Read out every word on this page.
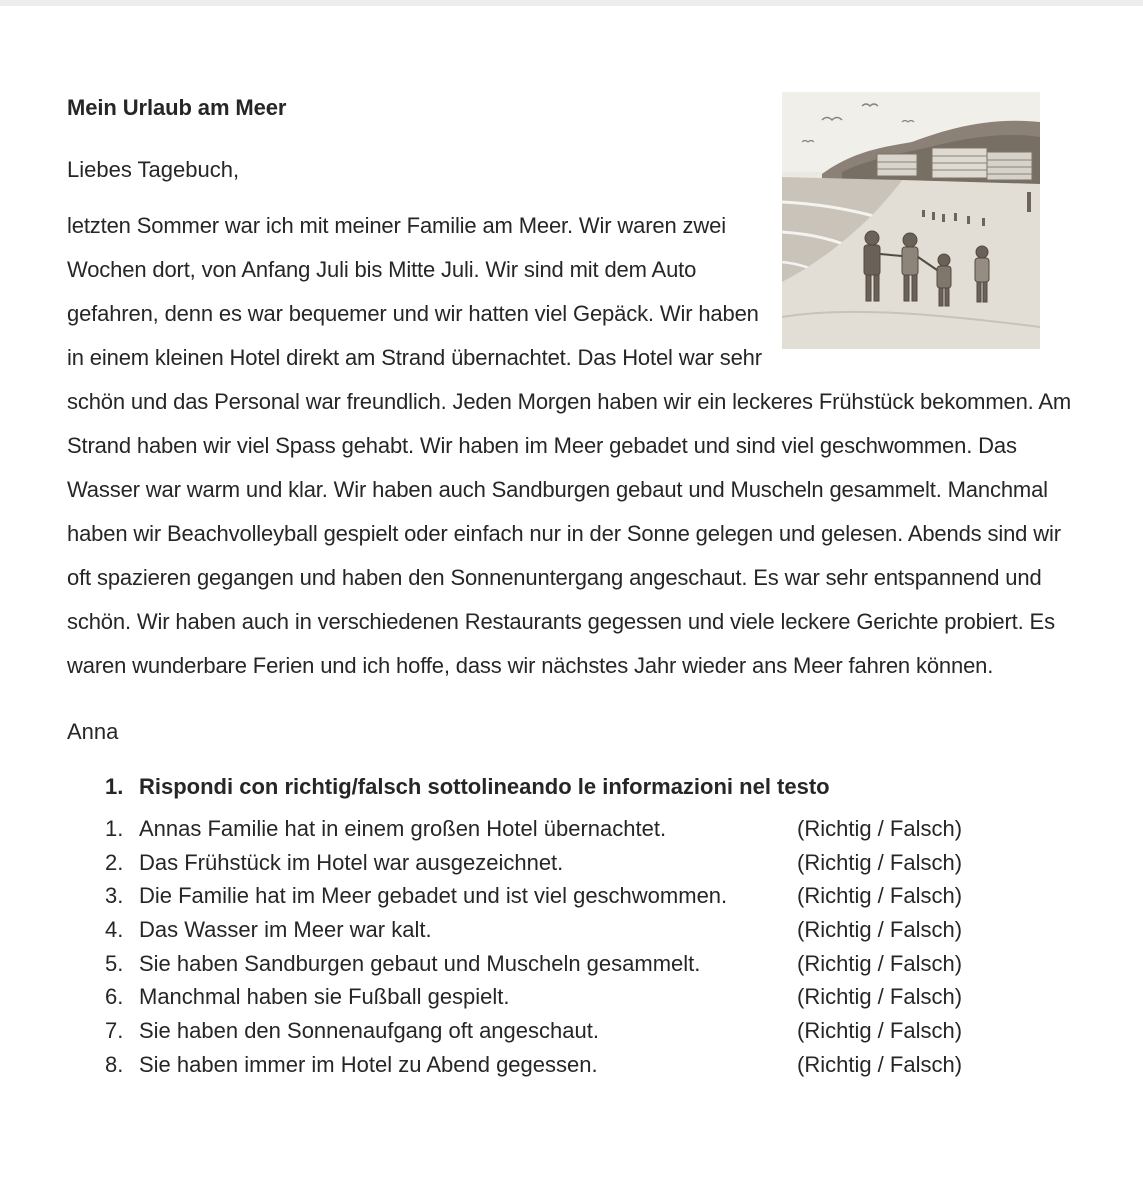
Mein Urlaub am Meer

Liebes Tagebuch,

letzten Sommer war ich mit meiner Familie am Meer. Wir waren zwei Wochen dort, von Anfang Juli bis Mitte Juli. Wir sind mit dem Auto gefahren, denn es war bequemer und wir hatten viel Gepäck. Wir haben in einem kleinen Hotel direkt am Strand übernachtet. Das Hotel war sehr schön und das Personal war freundlich. Jeden Morgen haben wir ein leckeres Frühstück bekommen. Am Strand haben wir viel Spass gehabt. Wir haben im Meer gebadet und sind viel geschwommen. Das Wasser war warm und klar. Wir haben auch Sandburgen gebaut und Muscheln gesammelt. Manchmal haben wir Beachvolleyball gespielt oder einfach nur in der Sonne gelegen und gelesen. Abends sind wir oft spazieren gegangen und haben den Sonnenuntergang angeschaut. Es war sehr entspannend und schön. Wir haben auch in verschiedenen Restaurants gegessen und viele leckere Gerichte probiert. Es waren wunderbare Ferien und ich hoffe, dass wir nächstes Jahr wieder ans Meer fahren können.

Anna

1. Rispondi con richtig/falsch sottolineando le informazioni nel testo

1. Annas Familie hat in einem großen Hotel übernachtet.	(Richtig / Falsch)
2. Das Frühstück im Hotel war ausgezeichnet.	(Richtig / Falsch)
3. Die Familie hat im Meer gebadet und ist viel geschwommen.	(Richtig / Falsch)
4. Das Wasser im Meer war kalt.	(Richtig / Falsch)
5. Sie haben Sandburgen gebaut und Muscheln gesammelt.	(Richtig / Falsch)
6. Manchmal haben sie Fußball gespielt.	(Richtig / Falsch)
7. Sie haben den Sonnenaufgang oft angeschaut.	(Richtig / Falsch)
8. Sie haben immer im Hotel zu Abend gegessen.	(Richtig / Falsch)
